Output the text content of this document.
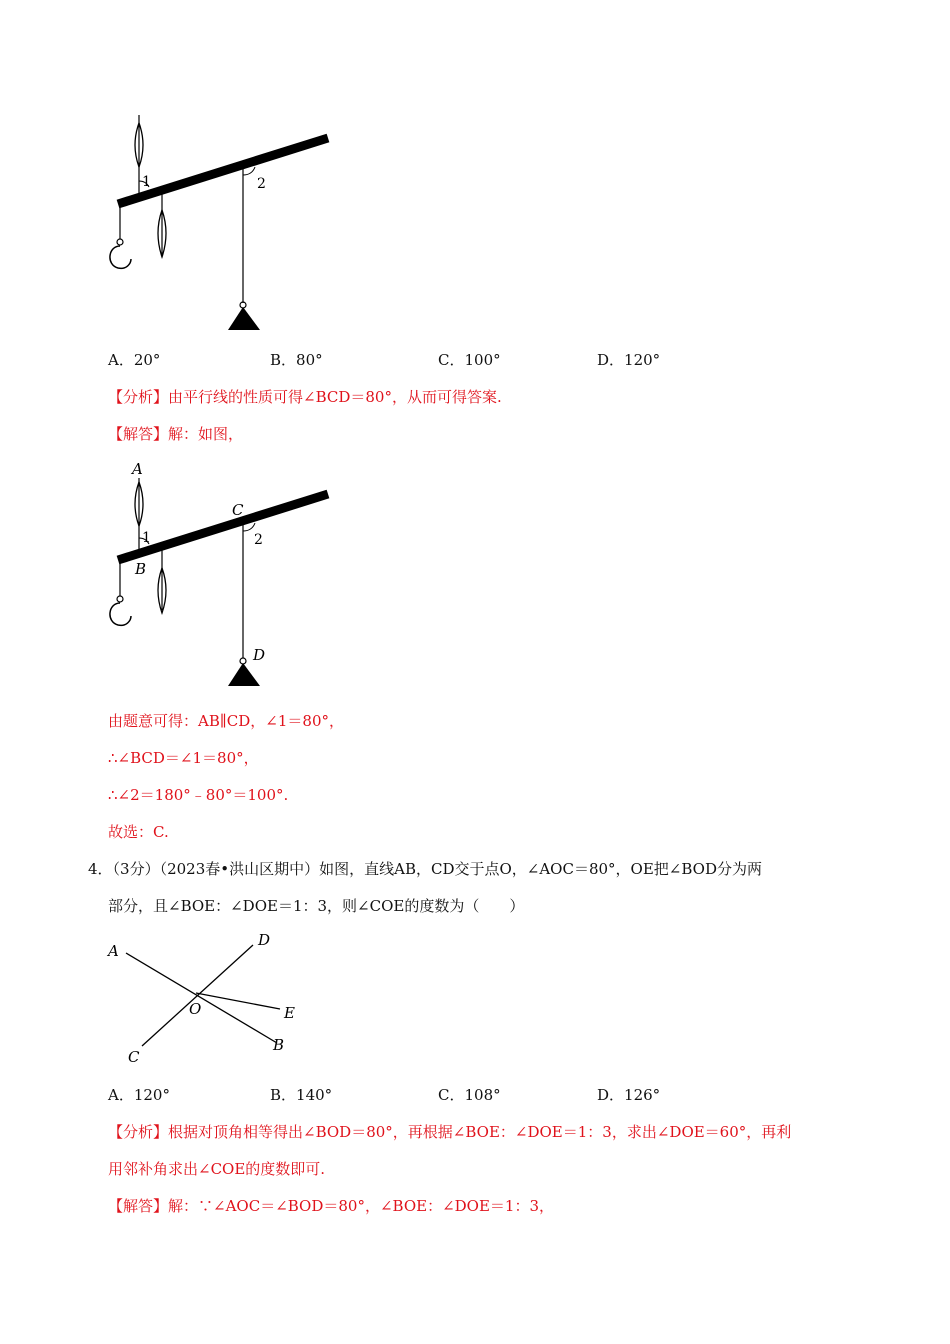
1	2
A．20°	B．80°	C．100°	D．120°
【分析】由平行线的性质可得∠BCD＝80°，从而可得答案.
【解答】解：如图，
A
1
B
C
2
D
由题意可得：AB∥CD，∠1＝80°，
∴∠BCD＝∠1＝80°，
∴∠2＝180°﹣80°＝100°.
故选：C.
4．（3分）（2023春•洪山区期中）如图，直线AB，CD交于点O，∠AOC＝80°，OE把∠BOD分为两
部分，且∠BOE：∠DOE＝1：3，则∠COE的度数为（　　）
A
D
O	E
B
C
A．120°	B．140°	C．108°	D．126°
【分析】根据对顶角相等得出∠BOD＝80°，再根据∠BOE：∠DOE＝1：3，求出∠DOE＝60°，再利
用邻补角求出∠COE的度数即可.
【解答】解：∵∠AOC＝∠BOD＝80°，∠BOE：∠DOE＝1：3，
